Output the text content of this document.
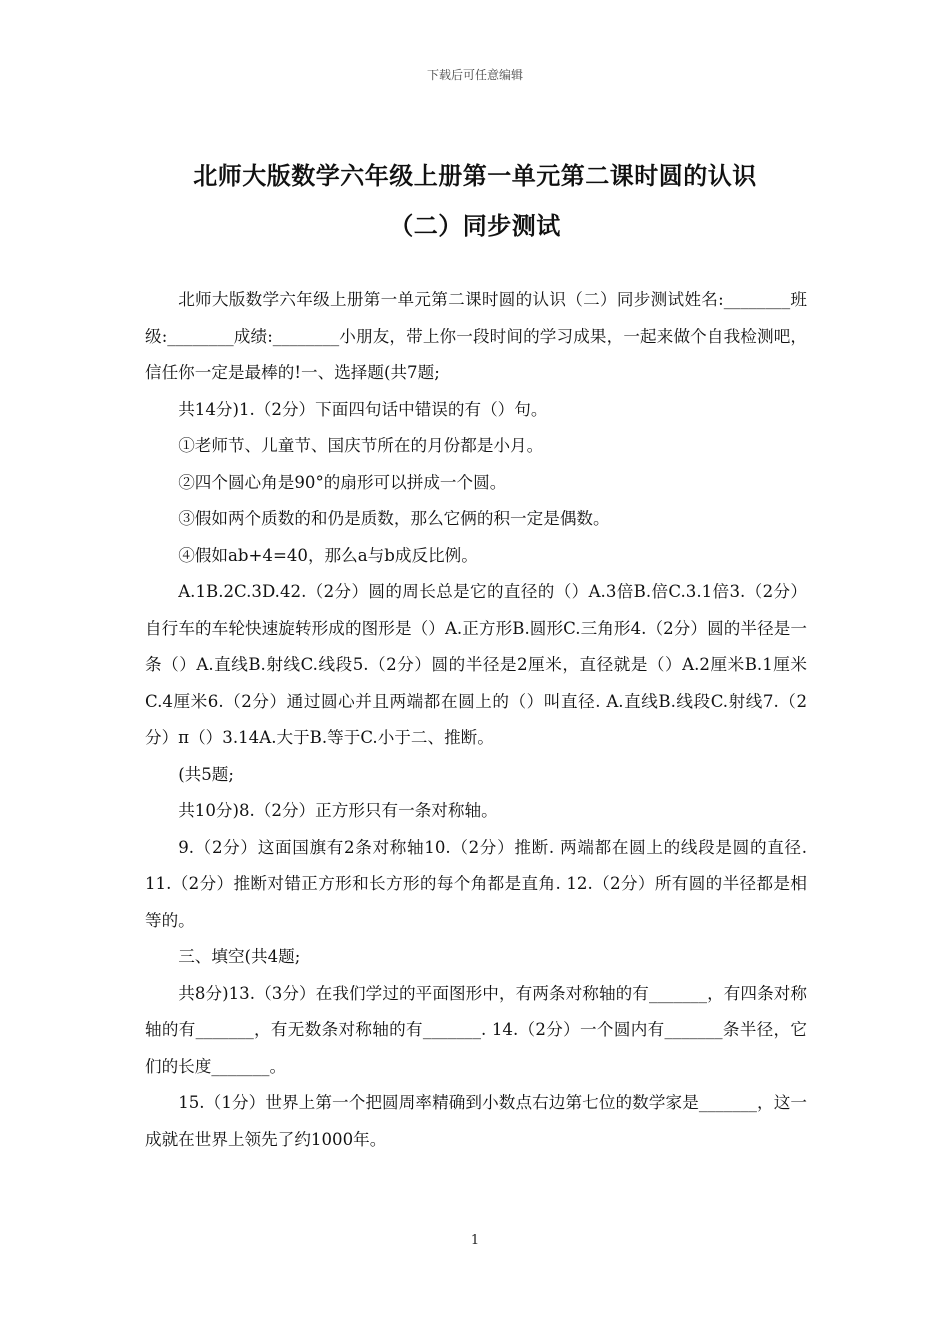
下载后可任意编辑
北师大版数学六年级上册第一单元第二课时圆的认识
（二）同步测试

北师大版数学六年级上册第一单元第二课时圆的认识（二）同步测试姓名:________班级:________成绩:________小朋友，带上你一段时间的学习成果，一起来做个自我检测吧，信任你一定是最棒的!一、选择题(共7题;

共14分)1.（2分）下面四句话中错误的有（）句。

①老师节、儿童节、国庆节所在的月份都是小月。

②四个圆心角是90°的扇形可以拼成一个圆。

③假如两个质数的和仍是质数，那么它俩的积一定是偶数。

④假如ab+4=40，那么a与b成反比例。

A.1B.2C.3D.42.（2分）圆的周长总是它的直径的（）A.3倍B.倍C.3.1倍3.（2分）自行车的车轮快速旋转形成的图形是（）A.正方形B.圆形C.三角形4.（2分）圆的半径是一条（）A.直线B.射线C.线段5.（2分）圆的半径是2厘米，直径就是（）A.2厘米B.1厘米C.4厘米6.（2分）通过圆心并且两端都在圆上的（）叫直径. A.直线B.线段C.射线7.（2分）π（）3.14A.大于B.等于C.小于二、推断。

(共5题;

共10分)8.（2分）正方形只有一条对称轴。

9.（2分）这面国旗有2条对称轴10.（2分）推断. 两端都在圆上的线段是圆的直径. 11.（2分）推断对错正方形和长方形的每个角都是直角. 12.（2分）所有圆的半径都是相等的。

三、填空(共4题;

共8分)13.（3分）在我们学过的平面图形中，有两条对称轴的有_______，有四条对称轴的有_______，有无数条对称轴的有_______. 14.（2分）一个圆内有_______条半径，它们的长度_______。

15.（1分）世界上第一个把圆周率精确到小数点右边第七位的数学家是_______，这一成就在世界上领先了约1000年。

1
